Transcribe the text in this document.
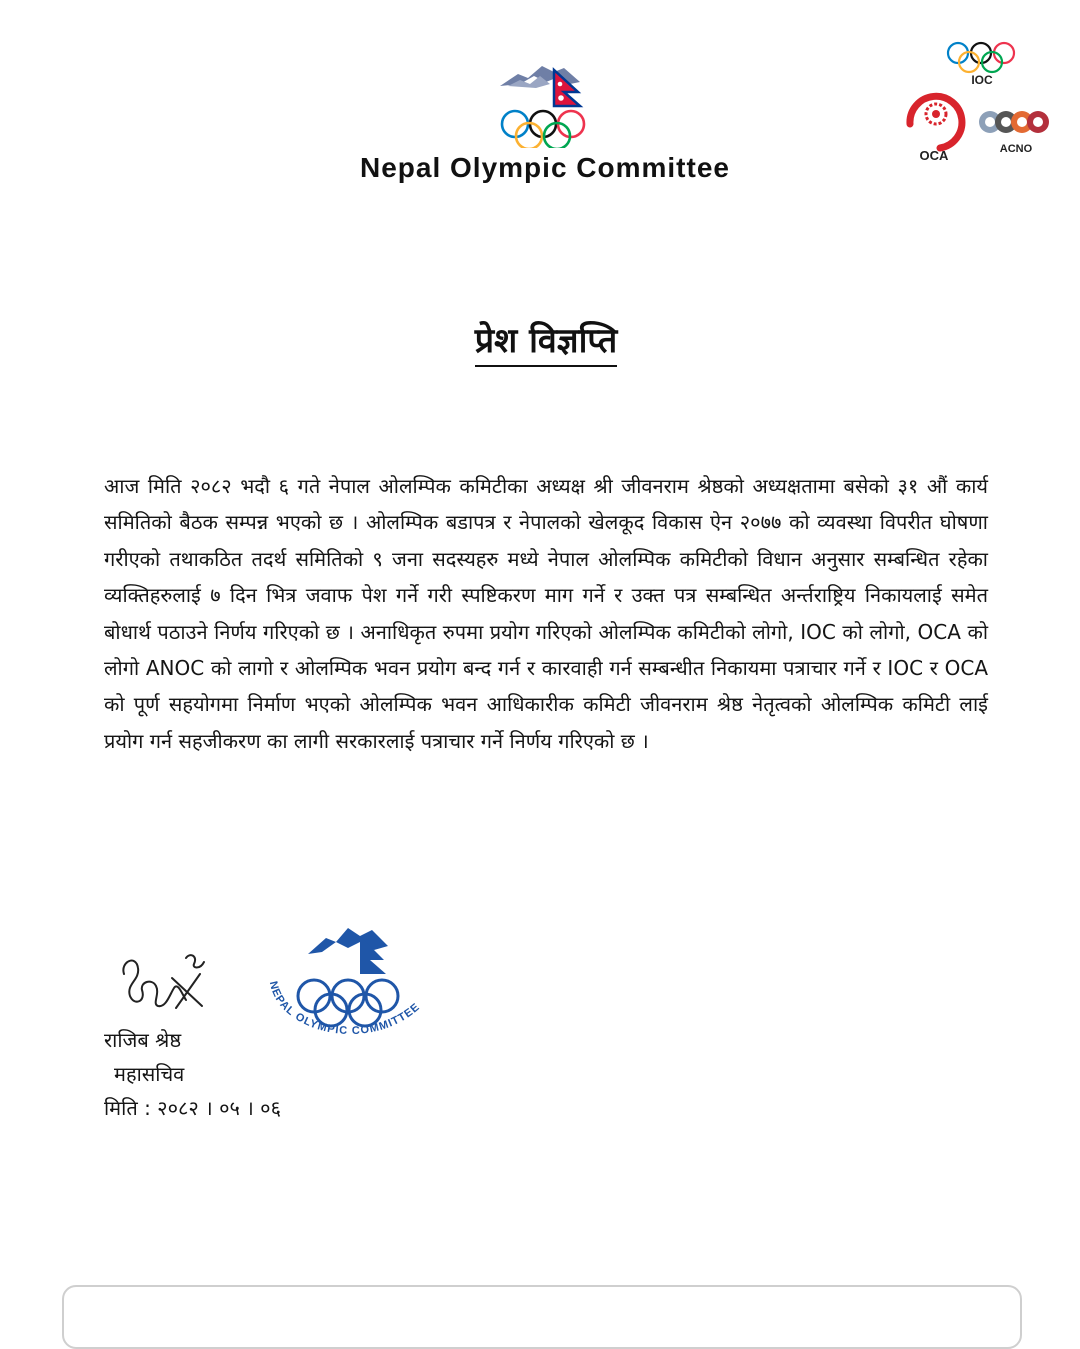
Nepal Olympic Committee
IOC
OCA	ACNO
प्रेश विज्ञप्ति
आज मिति २०८२ भदौ ६ गते नेपाल ओलम्पिक कमिटीका अध्यक्ष श्री जीवनराम श्रेष्ठको अध्यक्षतामा बसेको ३१ औं कार्य समितिको बैठक सम्पन्न भएको छ । ओलम्पिक बडापत्र र नेपालको खेलकूद विकास ऐन २०७७ को व्यवस्था विपरीत घोषणा गरीएको तथाकठित तदर्थ समितिको ९ जना सदस्यहरु मध्ये नेपाल ओलम्पिक कमिटीको विधान अनुसार सम्बन्धित रहेका व्यक्तिहरुलाई ७ दिन भित्र जवाफ पेश गर्ने गरी स्पष्टिकरण माग गर्ने र उक्त पत्र सम्बन्धित अर्न्तराष्ट्रिय निकायलाई समेत बोधार्थ पठाउने निर्णय गरिएको छ । अनाधिकृत रुपमा प्रयोग गरिएको ओलम्पिक कमिटीको लोगो, IOC को लोगो, OCA को लोगो ANOC को लागो र ओलम्पिक भवन प्रयोग बन्द गर्न र कारवाही गर्न सम्बन्धीत निकायमा पत्राचार गर्ने र IOC र OCA को पूर्ण सहयोगमा निर्माण भएको ओलम्पिक भवन आधिकारीक कमिटी जीवनराम श्रेष्ठ नेतृत्वको ओलम्पिक कमिटी लाई प्रयोग गर्न सहजीकरण का लागी सरकारलाई पत्राचार गर्ने निर्णय गरिएको छ ।
राजिब श्रेष्ठ
महासचिव
मिति : २०८२ । ०५ । ०६
NEPAL OLYMPIC COMMITTEE
